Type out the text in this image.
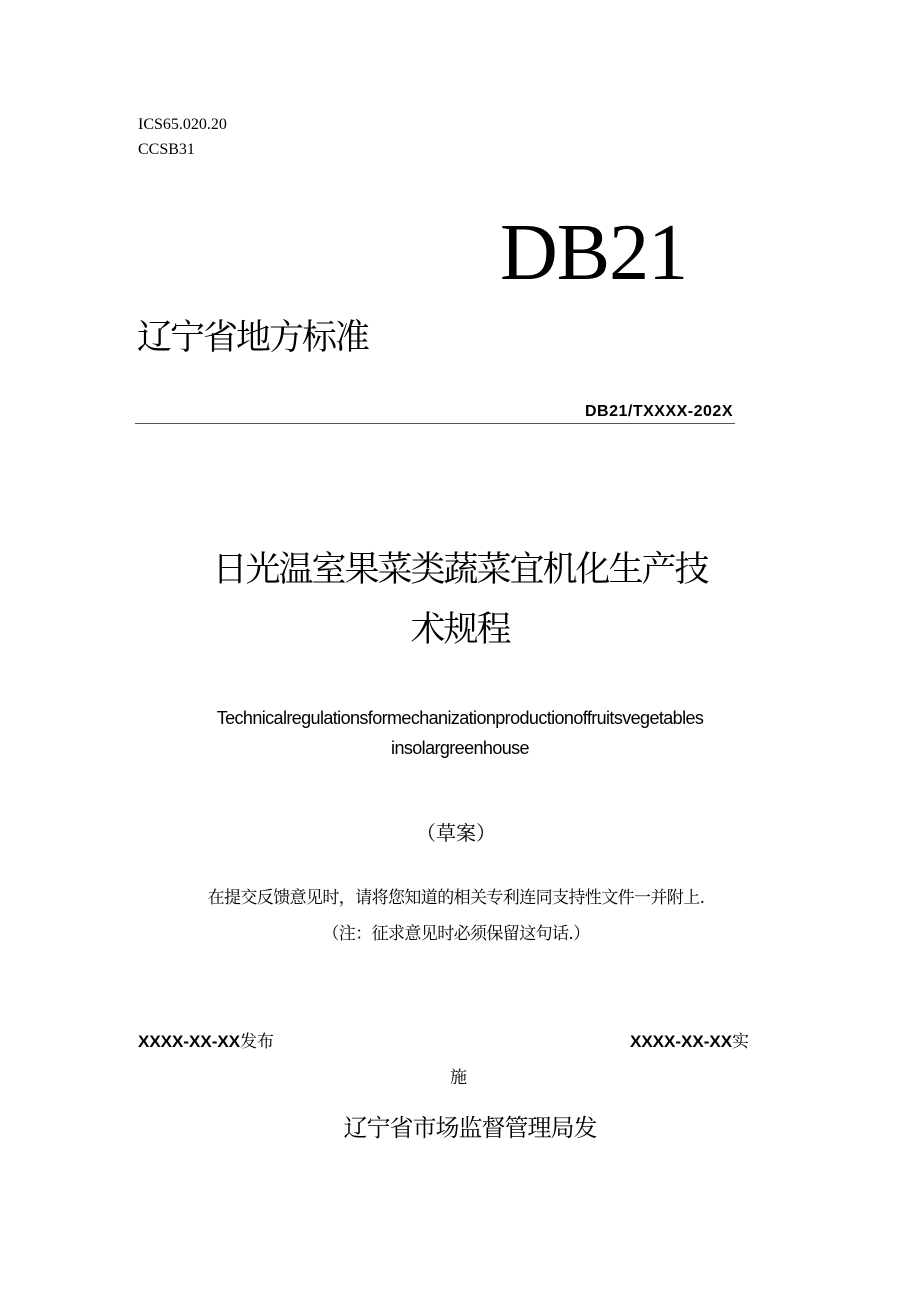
ICS65.020.20
CCSB31
DB21
辽宁省地方标准
DB21/TXXXX-202X
日光温室果菜类蔬菜宜机化生产技
术规程
Technicalregulationsformechanizationproductionoffruitsvegetables
insolargreenhouse
（草案）
在提交反馈意见时，请将您知道的相关专利连同支持性文件一并附上.
（注：征求意见时必须保留这句话.）
XXXX-XX-XX发布	XXXX-XX-XX实
施
辽宁省市场监督管理局发
